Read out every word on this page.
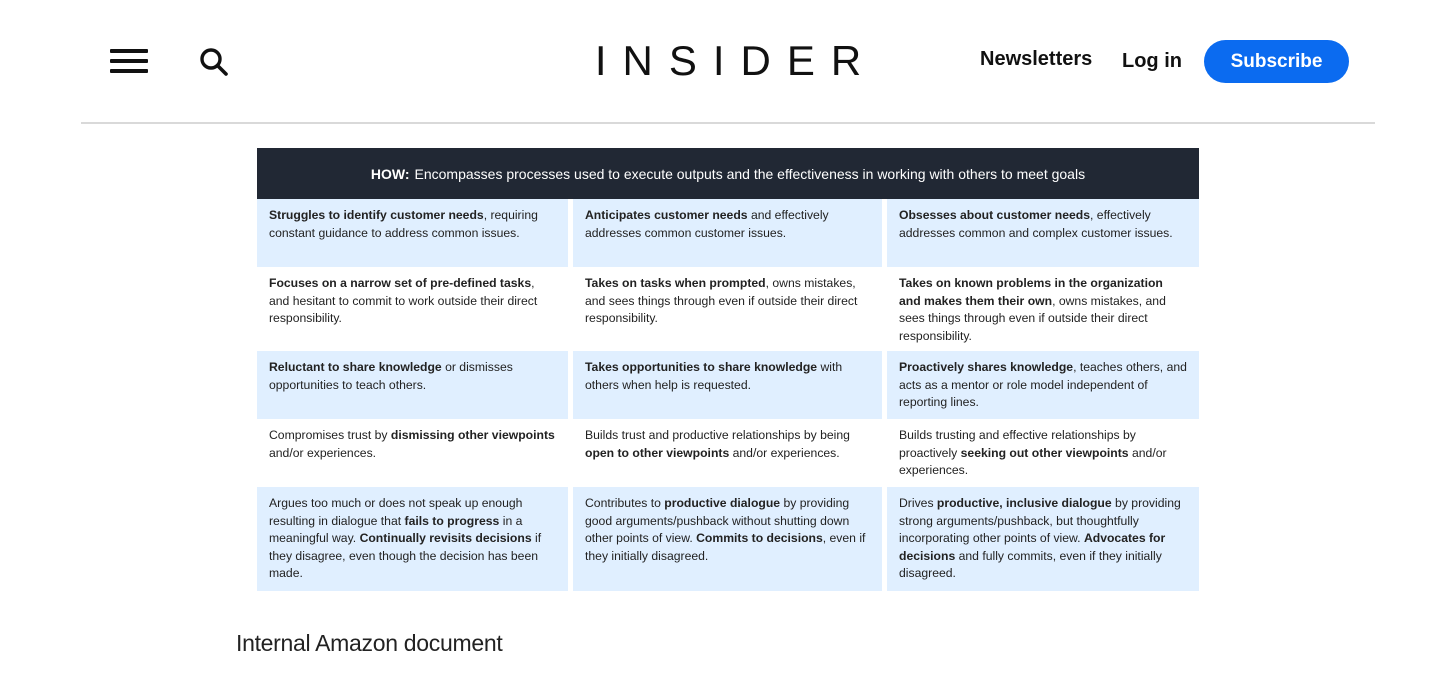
INSIDER	Newsletters Log in	Subscribe
HOW: Encompasses processes used to execute outputs and the effectiveness in working with others to meet goals
Struggles to identify customer needs, requiring constant guidance to address common issues.
Anticipates customer needs and effectively addresses common customer issues.
Obsesses about customer needs, effectively addresses common and complex customer issues.
Focuses on a narrow set of pre-defined tasks, and hesitant to commit to work outside their direct responsibility.
Takes on tasks when prompted, owns mistakes, and sees things through even if outside their direct responsibility.
Takes on known problems in the organization and makes them their own, owns mistakes, and sees things through even if outside their direct responsibility.
Reluctant to share knowledge or dismisses opportunities to teach others.
Takes opportunities to share knowledge with others when help is requested.
Proactively shares knowledge, teaches others, and acts as a mentor or role model independent of reporting lines.
Compromises trust by dismissing other viewpoints and/or experiences.
Builds trust and productive relationships by being open to other viewpoints and/or experiences.
Builds trusting and effective relationships by proactively seeking out other viewpoints and/or experiences.
Argues too much or does not speak up enough resulting in dialogue that fails to progress in a meaningful way. Continually revisits decisions if they disagree, even though the decision has been made.
Contributes to productive dialogue by providing good arguments/pushback without shutting down other points of view. Commits to decisions, even if they initially disagreed.
Drives productive, inclusive dialogue by providing strong arguments/pushback, but thoughtfully incorporating other points of view. Advocates for decisions and fully commits, even if they initially disagreed.
Internal Amazon document
